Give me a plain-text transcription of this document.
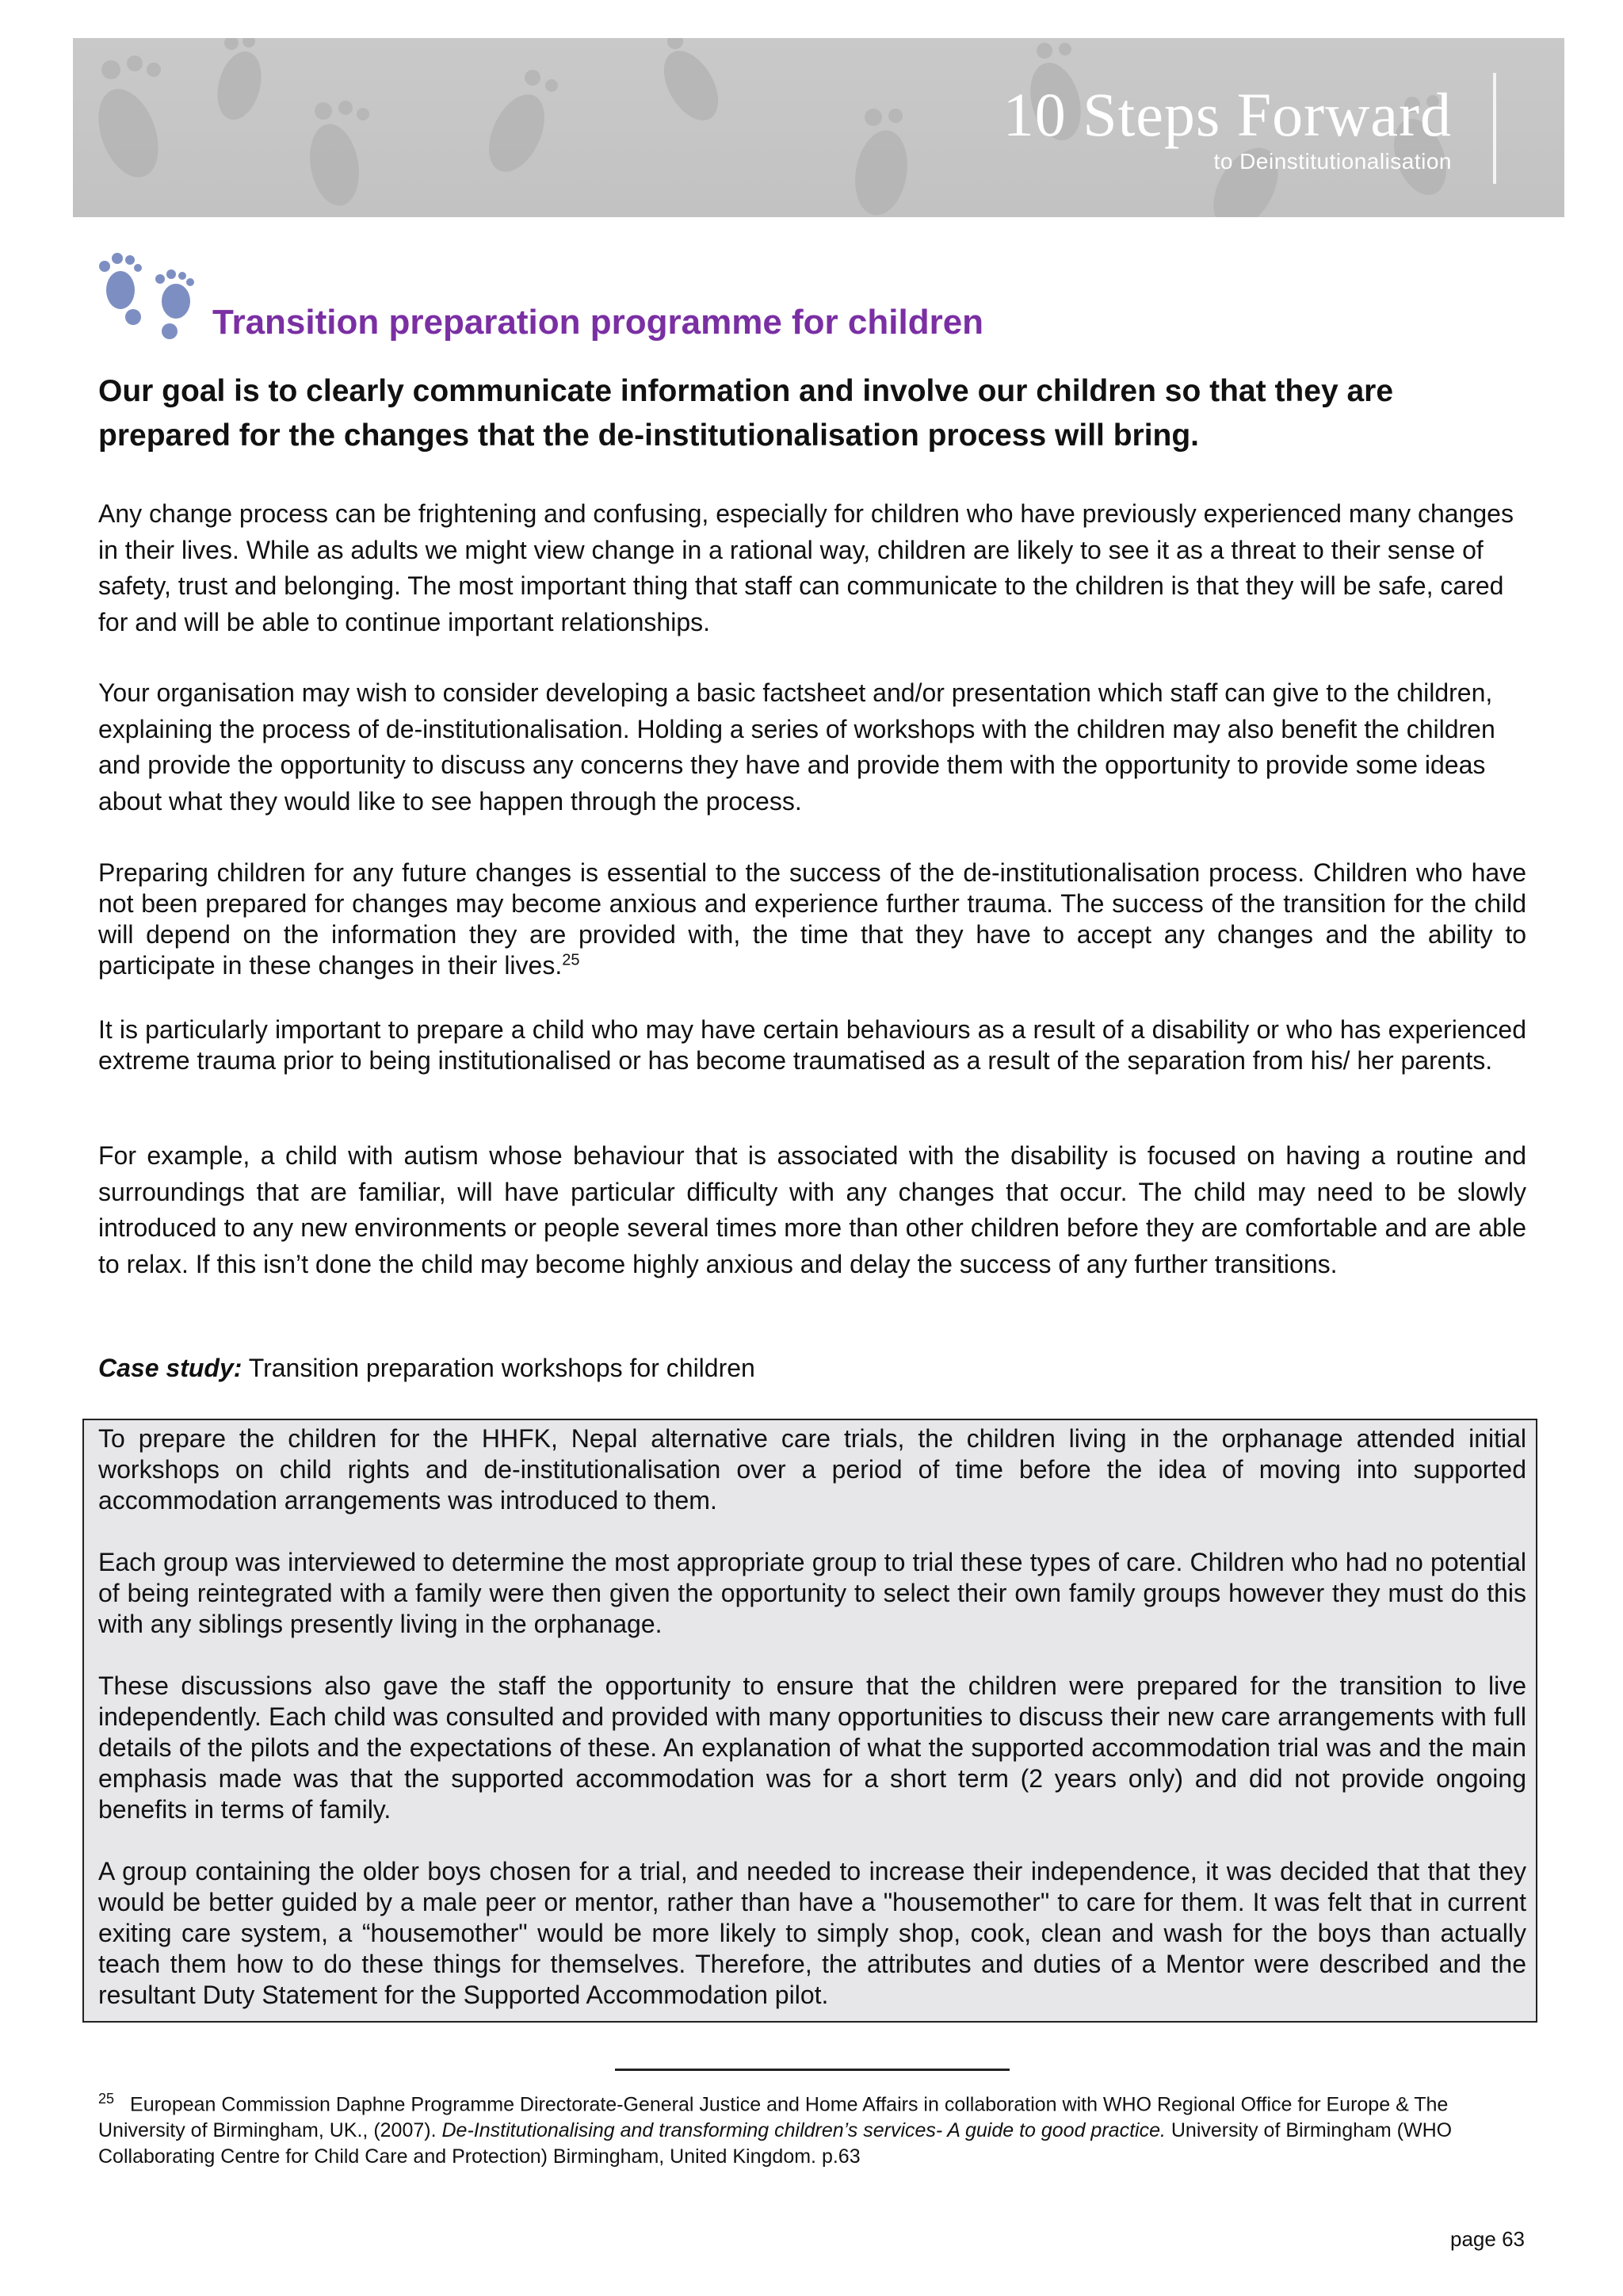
10 Steps Forward
to Deinstitutionalisation
Transition preparation programme for children
Our goal is to clearly communicate information and involve our children so that they are prepared for the changes that the de-institutionalisation process will bring.
Any change process can be frightening and confusing, especially for children who have previously experienced many changes in their lives. While as adults we might view change in a rational way, children are likely to see it as a threat to their sense of safety, trust and belonging. The most important thing that staff can communicate to the children is that they will be safe, cared for and will be able to continue important relationships.
Your organisation may wish to consider developing a basic factsheet and/or presentation which staff can give to the children, explaining the process of de-institutionalisation. Holding a series of workshops with the children may also benefit the children and provide the opportunity to discuss any concerns they have and provide them with the opportunity to provide some ideas about what they would like to see happen through the process.
Preparing children for any future changes is essential to the success of the de-institutionalisation process. Children who have not been prepared for changes may become anxious and experience further trauma. The success of the transition for the child will depend on the information they are provided with, the time that they have to accept any changes and the ability to participate in these changes in their lives.$^{25}$
It is particularly important to prepare a child who may have certain behaviours as a result of a disability or who has experienced extreme trauma prior to being institutionalised or has become traumatised as a result of the separation from his/ her parents.
For example, a child with autism whose behaviour that is associated with the disability is focused on having a routine and surroundings that are familiar, will have particular difficulty with any changes that occur. The child may need to be slowly introduced to any new environments or people several times more than other children before they are comfortable and are able to relax. If this isn’t done the child may become highly anxious and delay the success of any further transitions.
Case study: Transition preparation workshops for children
To prepare the children for the HHFK, Nepal alternative care trials, the children living in the orphanage attended initial workshops on child rights and de-institutionalisation over a period of time before the idea of moving into supported accommodation arrangements was introduced to them.
Each group was interviewed to determine the most appropriate group to trial these types of care. Children who had no potential of being reintegrated with a family were then given the opportunity to select their own family groups however they must do this with any siblings presently living in the orphanage.
These discussions also gave the staff the opportunity to ensure that the children were prepared for the transition to live independently. Each child was consulted and provided with many opportunities to discuss their new care arrangements with full details of the pilots and the expectations of these. An explanation of what the supported accommodation trial was and the main emphasis made was that the supported accommodation was for a short term (2 years only) and did not provide ongoing benefits in terms of family.
A group containing the older boys chosen for a trial, and needed to increase their independence, it was decided that that they would be better guided by a male peer or mentor, rather than have a "housemother" to care for them. It was felt that in current exiting care system, a “housemother" would be more likely to simply shop, cook, clean and wash for the boys than actually teach them how to do these things for themselves. Therefore, the attributes and duties of a Mentor were described and the resultant Duty Statement for the Supported Accommodation pilot.
$^{25}$ European Commission Daphne Programme Directorate-General Justice and Home Affairs in collaboration with WHO Regional Office for Europe & The University of Birmingham, UK., (2007). De-Institutionalising and transforming children’s services- A guide to good practice. University of Birmingham (WHO Collaborating Centre for Child Care and Protection) Birmingham, United Kingdom. p.63
page 63
